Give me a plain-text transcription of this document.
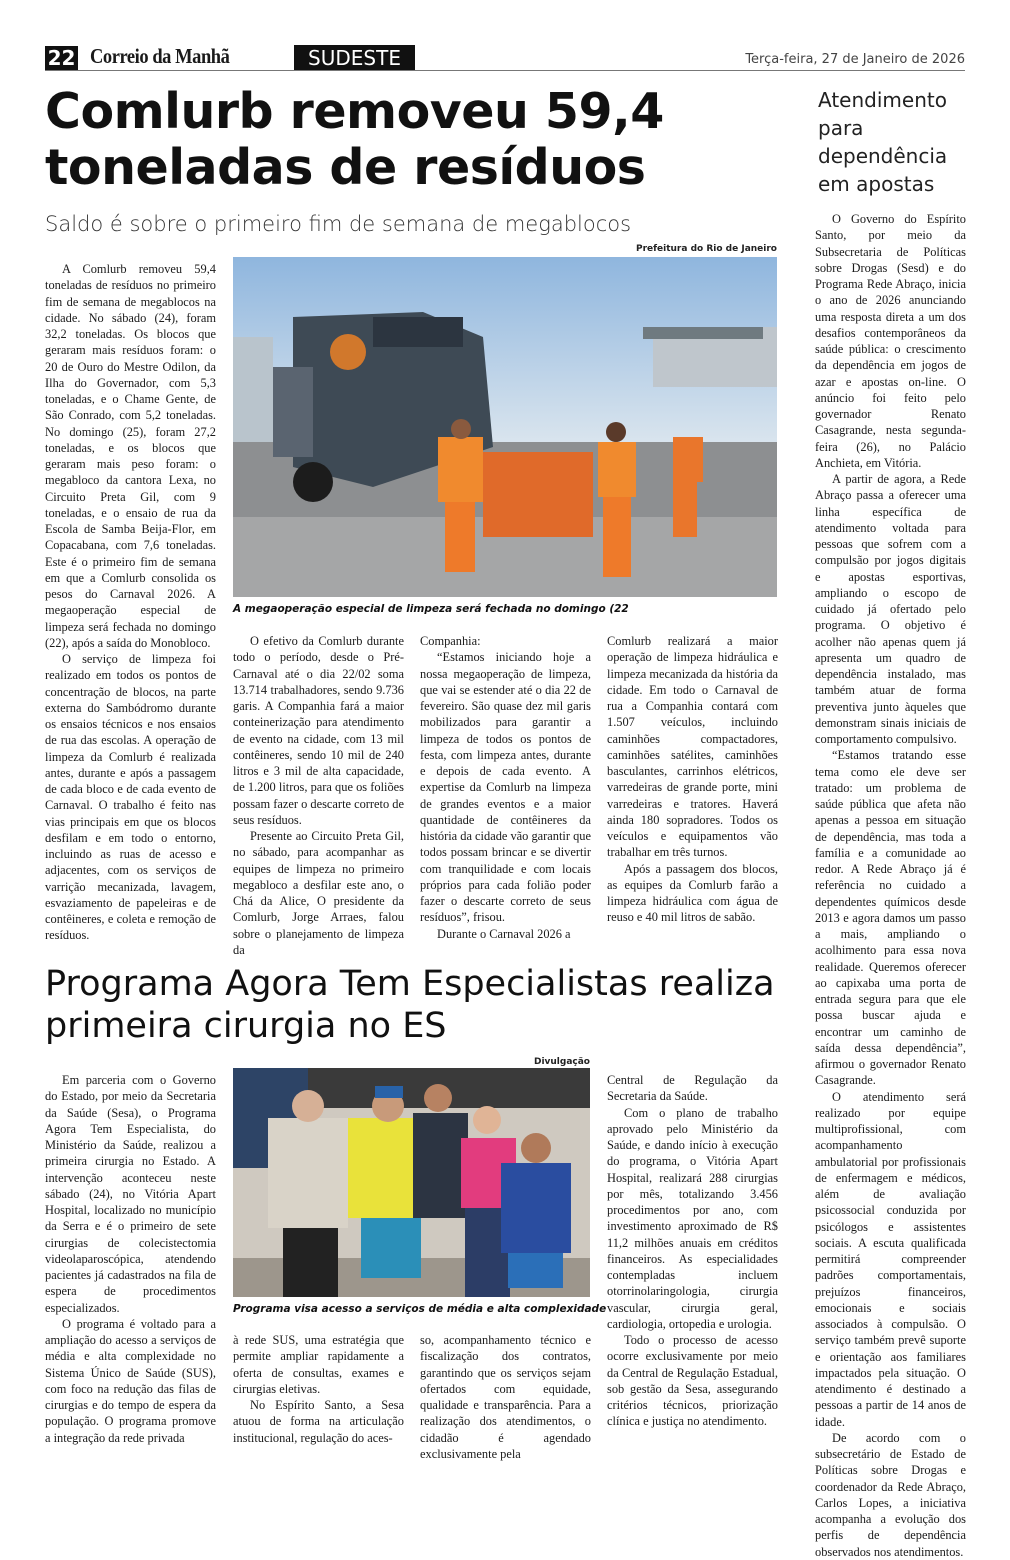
22 Correio da Manhã	SUDESTE	Terça-feira, 27 de Janeiro de 2026
Comlurb removeu 59,4 toneladas de resíduos
Saldo é sobre o primeiro fim de semana de megablocos
Prefeitura do Rio de Janeiro
A megaoperação especial de limpeza será fechada no domingo (22

A Comlurb removeu 59,4 toneladas de resíduos no primeiro fim de semana de megablocos na cidade. No sábado (24), foram 32,2 toneladas. Os blocos que geraram mais resíduos foram: o 20 de Ouro do Mestre Odilon, da Ilha do Governador, com 5,3 toneladas, e o Chame Gente, de São Conrado, com 5,2 toneladas. No domingo (25), foram 27,2 toneladas, e os blocos que geraram mais peso foram: o megabloco da cantora Lexa, no Circuito Preta Gil, com 9 toneladas, e o ensaio de rua da Escola de Samba Beija-Flor, em Copacabana, com 7,6 toneladas. Este é o primeiro fim de semana em que a Comlurb consolida os pesos do Carnaval 2026. A megaoperação especial de limpeza será fechada no domingo (22), após a saída do Monobloco.

O serviço de limpeza foi realizado em todos os pontos de concentração de blocos, na parte externa do Sambódromo durante os ensaios técnicos e nos ensaios de rua das escolas. A operação de limpeza da Comlurb é realizada antes, durante e após a passagem de cada bloco e de cada evento de Carnaval. O trabalho é feito nas vias principais em que os blocos desfilam e em todo o entorno, incluindo as ruas de acesso e adjacentes, com os serviços de varrição mecanizada, lavagem, esvaziamento de papeleiras e de contêineres, e coleta e remoção de resíduos.

O efetivo da Comlurb durante todo o período, desde o Pré-Carnaval até o dia 22/02 soma 13.714 trabalhadores, sendo 9.736 garis. A Companhia fará a maior conteinerização para atendimento de evento na cidade, com 13 mil contêineres, sendo 10 mil de 240 litros e 3 mil de alta capacidade, de 1.200 litros, para que os foliões possam fazer o descarte correto de seus resíduos.

Presente ao Circuito Preta Gil, no sábado, para acompanhar as equipes de limpeza no primeiro megabloco a desfilar este ano, o Chá da Alice, O presidente da Comlurb, Jorge Arraes, falou sobre o planejamento de limpeza da

Companhia:

“Estamos iniciando hoje a nossa megaoperação de limpeza, que vai se estender até o dia 22 de fevereiro. São quase dez mil garis mobilizados para garantir a limpeza de todos os pontos de festa, com limpeza antes, durante e depois de cada evento. A expertise da Comlurb na limpeza de grandes eventos e a maior quantidade de contêineres da história da cidade vão garantir que todos possam brincar e se divertir com tranquilidade e com locais próprios para cada folião poder fazer o descarte correto de seus resíduos”, frisou.

Durante o Carnaval 2026 a

Comlurb realizará a maior operação de limpeza hidráulica e limpeza mecanizada da história da cidade. Em todo o Carnaval de rua a Companhia contará com 1.507 veículos, incluindo caminhões compactadores, caminhões satélites, caminhões basculantes, carrinhos elétricos, varredeiras de grande porte, mini varredeiras e tratores. Haverá ainda 180 sopradores. Todos os veículos e equipamentos vão trabalhar em três turnos.

Após a passagem dos blocos, as equipes da Comlurb farão a limpeza hidráulica com água de reuso e 40 mil litros de sabão.

Atendimento para dependência em apostas

O Governo do Espírito Santo, por meio da Subsecretaria de Políticas sobre Drogas (Sesd) e do Programa Rede Abraço, inicia o ano de 2026 anunciando uma resposta direta a um dos desafios contemporâneos da saúde pública: o crescimento da dependência em jogos de azar e apostas on-line. O anúncio foi feito pelo governador Renato Casagrande, nesta segunda-feira (26), no Palácio Anchieta, em Vitória.

A partir de agora, a Rede Abraço passa a oferecer uma linha específica de atendimento voltada para pessoas que sofrem com a compulsão por jogos digitais e apostas esportivas, ampliando o escopo de cuidado já ofertado pelo programa. O objetivo é acolher não apenas quem já apresenta um quadro de dependência instalado, mas também atuar de forma preventiva junto àqueles que demonstram sinais iniciais de comportamento compulsivo.

“Estamos tratando esse tema como ele deve ser tratado: um problema de saúde pública que afeta não apenas a pessoa em situação de dependência, mas toda a família e a comunidade ao redor. A Rede Abraço já é referência no cuidado a dependentes químicos desde 2013 e agora damos um passo a mais, ampliando o acolhimento para essa nova realidade. Queremos oferecer ao capixaba uma porta de entrada segura para que ele possa buscar ajuda e encontrar um caminho de saída dessa dependência”, afirmou o governador Renato Casagrande.

O atendimento será realizado por equipe multiprofissional, com acompanhamento ambulatorial por profissionais de enfermagem e médicos, além de avaliação psicossocial conduzida por psicólogos e assistentes sociais. A escuta qualificada permitirá compreender padrões comportamentais, prejuízos financeiros, emocionais e sociais associados à compulsão. O serviço também prevê suporte e orientação aos familiares impactados pela situação. O atendimento é destinado a pessoas a partir de 14 anos de idade.

De acordo com o subsecretário de Estado de Políticas sobre Drogas e coordenador da Rede Abraço, Carlos Lopes, a iniciativa acompanha a evolução dos perfis de dependência observados nos atendimentos.

Programa Agora Tem Especialistas realiza primeira cirurgia no ES
Divulgação
Programa visa acesso a serviços de média e alta complexidade

Em parceria com o Governo do Estado, por meio da Secretaria da Saúde (Sesa), o Programa Agora Tem Especialista, do Ministério da Saúde, realizou a primeira cirurgia no Estado. A intervenção aconteceu neste sábado (24), no Vitória Apart Hospital, localizado no município da Serra e é o primeiro de sete cirurgias de colecistectomia videolaparoscópica, atendendo pacientes já cadastrados na fila de espera de procedimentos especializados.

O programa é voltado para a ampliação do acesso a serviços de média e alta complexidade no Sistema Único de Saúde (SUS), com foco na redução das filas de cirurgias e do tempo de espera da população. O programa promove a integração da rede privada

à rede SUS, uma estratégia que permite ampliar rapidamente a oferta de consultas, exames e cirurgias eletivas.

No Espírito Santo, a Sesa atuou de forma na articulação institucional, regulação do aces-

so, acompanhamento técnico e fiscalização dos contratos, garantindo que os serviços sejam ofertados com equidade, qualidade e transparência. Para a realização dos atendimentos, o cidadão é agendado exclusivamente pela

Central de Regulação da Secretaria da Saúde.

Com o plano de trabalho aprovado pelo Ministério da Saúde, e dando início à execução do programa, o Vitória Apart Hospital, realizará 288 cirurgias por mês, totalizando 3.456 procedimentos por ano, com investimento aproximado de R$ 11,2 milhões anuais em créditos financeiros. As especialidades contempladas incluem otorrinolaringologia, cirurgia vascular, cirurgia geral, cardiologia, ortopedia e urologia.

Todo o processo de acesso ocorre exclusivamente por meio da Central de Regulação Estadual, sob gestão da Sesa, assegurando critérios técnicos, priorização clínica e justiça no atendimento.
